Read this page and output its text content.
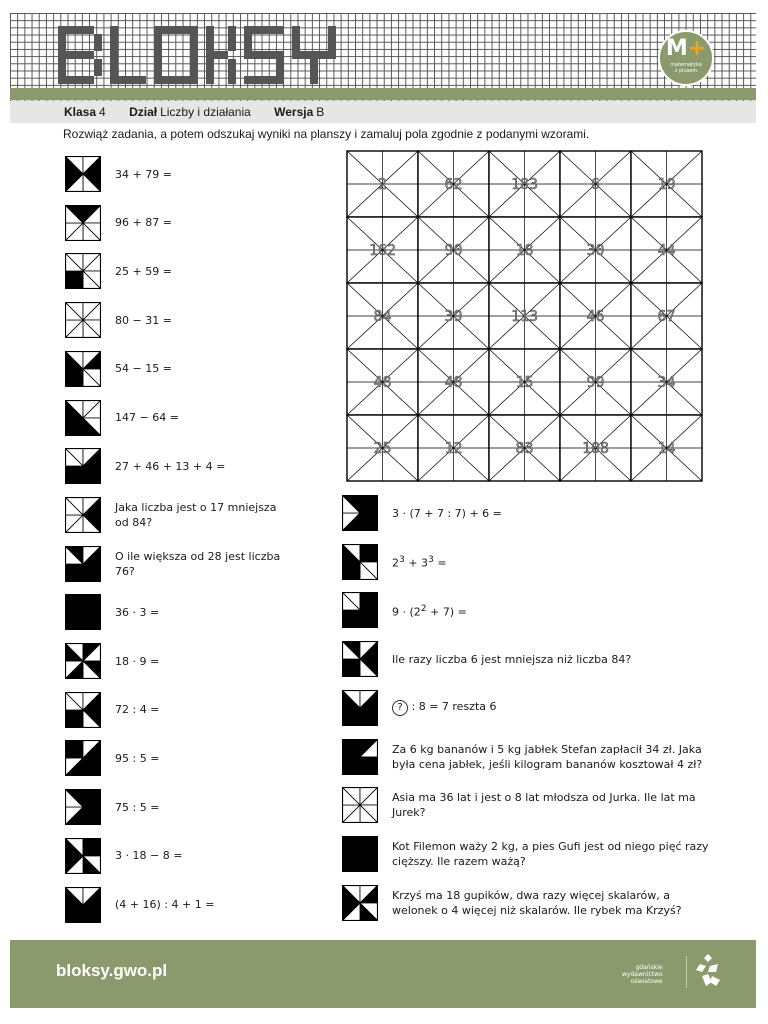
M+
matematyka
z plusem
Klasa 4 Dział Liczby i działania Wersja B
Rozwiąż zadania, a potem odszukaj wyniki na planszy i zamaluj pola zgodnie z podanymi wzorami.
34 + 79 =
96 + 87 =
25 + 59 =
80 − 31 =
54 − 15 =
147 − 64 =
27 + 46 + 13 + 4 =
Jaka liczba jest o 17 mniejsza od 84?
O ile większa od 28 jest liczba 76?
36 · 3 =
18 · 9 =
72 : 4 =
95 : 5 =
75 : 5 =
3 · 18 − 8 =
(4 + 16) : 4 + 1 =
3 · (7 + 7 : 7) + 6 =
$2^3 + 3^3$ =
$9 \cdot (2^2 + 7)$ =
Ile razy liczba 6 jest mniejsza niż liczba 84?
? : 8 = 7 reszta 6
Za 6 kg bananów i 5 kg jabłek Stefan zapłacił 34 zł. Jaka była cena jabłek, jeśli kilogram bananów kosztował 4 zł?
Asia ma 36 lat i jest o 8 lat młodsza od Jurka. Ile lat ma Jurek?
Kot Filemon waży 2 kg, a pies Gufi jest od niego pięć razy cięższy. Ile razem ważą?
Krzyś ma 18 gupików, dwa razy więcej skalarów, a welonek o 4 więcej niż skalarów. Ile rybek ma Krzyś?
2	62	183	6	19
162	90	18	30	44
84	39	113	46	67
48	48	15	99	34
25	12	83	108	14
bloksy.gwo.pl	gdańskie
wydawnictwo
oświatowe
